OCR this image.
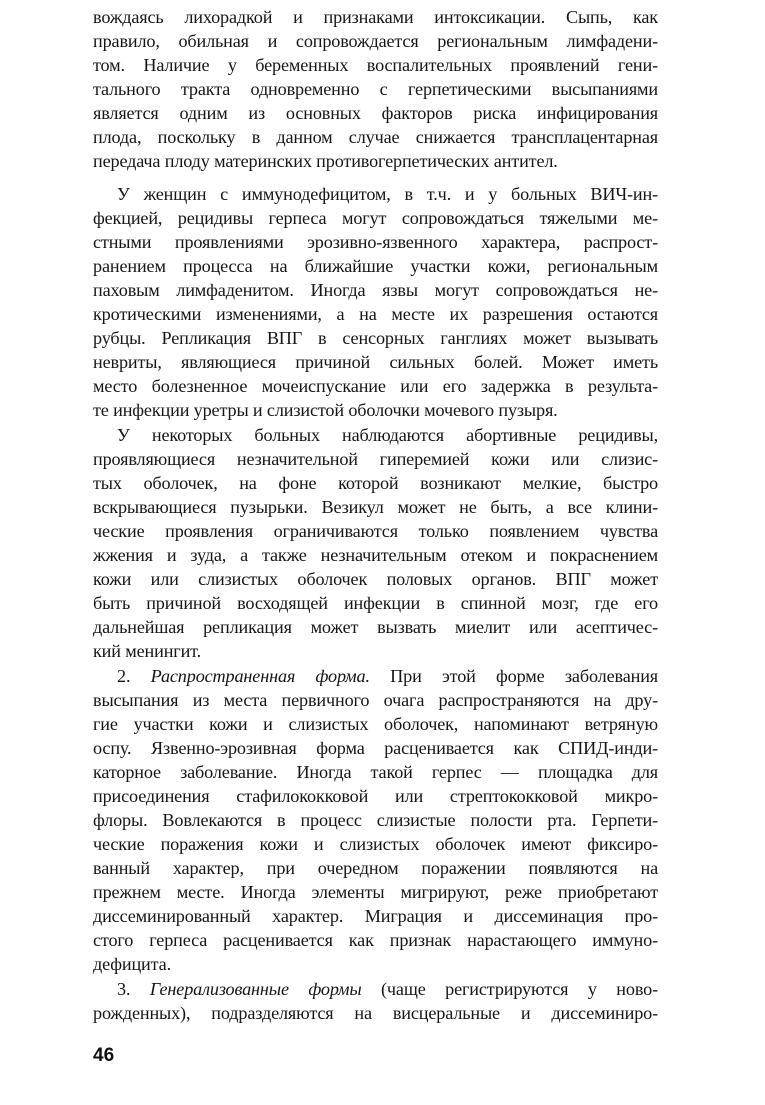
вождаясь лихорадкой и признаками интоксикации. Сыпь, как
правило, обильная и сопровождается региональным лимфадени-
том. Наличие у беременных воспалительных проявлений гени-
тального тракта одновременно с герпетическими высыпаниями
является одним из основных факторов риска инфицирования
плода, поскольку в данном случае снижается трансплацентарная
передача плоду материнских противогерпетических антител.
У женщин с иммунодефицитом, в т.ч. и у больных ВИЧ-ин-
фекцией, рецидивы герпеса могут сопровождаться тяжелыми ме-
стными проявлениями эрозивно-язвенного характера, распрост-
ранением процесса на ближайшие участки кожи, региональным
паховым лимфаденитом. Иногда язвы могут сопровождаться не-
кротическими изменениями, а на месте их разрешения остаются
рубцы. Репликация ВПГ в сенсорных ганглиях может вызывать
невриты, являющиеся причиной сильных болей. Может иметь
место болезненное мочеиспускание или его задержка в результа-
те инфекции уретры и слизистой оболочки мочевого пузыря.
У некоторых больных наблюдаются абортивные рецидивы,
проявляющиеся незначительной гиперемией кожи или слизис-
тых оболочек, на фоне которой возникают мелкие, быстро
вскрывающиеся пузырьки. Везикул может не быть, а все клини-
ческие проявления ограничиваются только появлением чувства
жжения и зуда, а также незначительным отеком и покраснением
кожи или слизистых оболочек половых органов. ВПГ может
быть причиной восходящей инфекции в спинной мозг, где его
дальнейшая репликация может вызвать миелит или асептичес-
кий менингит.
2. Распространенная форма. При этой форме заболевания
высыпания из места первичного очага распространяются на дру-
гие участки кожи и слизистых оболочек, напоминают ветряную
оспу. Язвенно-эрозивная форма расценивается как СПИД-инди-
каторное заболевание. Иногда такой герпес — площадка для
присоединения стафилококковой или стрептококковой микро-
флоры. Вовлекаются в процесс слизистые полости рта. Герпети-
ческие поражения кожи и слизистых оболочек имеют фиксиро-
ванный характер, при очередном поражении появляются на
прежнем месте. Иногда элементы мигрируют, реже приобретают
диссеминированный характер. Миграция и диссеминация про-
стого герпеса расценивается как признак нарастающего иммуно-
дефицита.
3. Генерализованные формы (чаще регистрируются у ново-
рожденных), подразделяются на висцеральные и диссеминиро-
46
